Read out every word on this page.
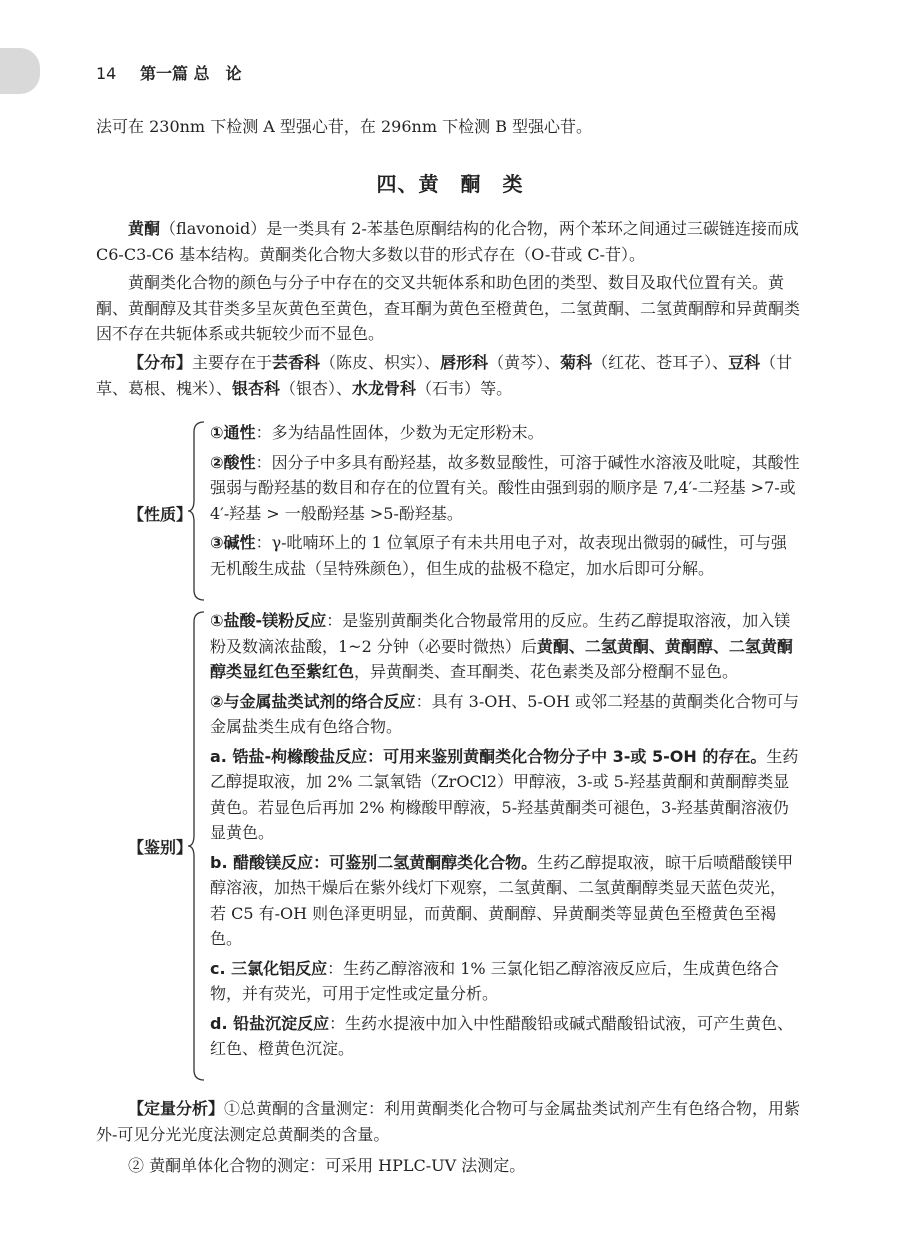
14 第一篇 总　论
法可在 230nm 下检测 A 型强心苷，在 296nm 下检测 B 型强心苷。
四、黄　酮　类
黄酮（flavonoid）是一类具有 2-苯基色原酮结构的化合物，两个苯环之间通过三碳链连接而成 C6-C3-C6 基本结构。黄酮类化合物大多数以苷的形式存在（O-苷或 C-苷）。
黄酮类化合物的颜色与分子中存在的交叉共轭体系和助色团的类型、数目及取代位置有关。黄酮、黄酮醇及其苷类多呈灰黄色至黄色，查耳酮为黄色至橙黄色，二氢黄酮、二氢黄酮醇和异黄酮类因不存在共轭体系或共轭较少而不显色。
【分布】主要存在于芸香科（陈皮、枳实）、唇形科（黄芩）、菊科（红花、苍耳子）、豆科（甘草、葛根、槐米）、银杏科（银杏）、水龙骨科（石韦）等。
【性质】
①通性：多为结晶性固体，少数为无定形粉末。
②酸性：因分子中多具有酚羟基，故多数显酸性，可溶于碱性水溶液及吡啶，其酸性强弱与酚羟基的数目和存在的位置有关。酸性由强到弱的顺序是 7,4′-二羟基 >7-或 4′-羟基 > 一般酚羟基 >5-酚羟基。
③碱性：γ-吡喃环上的 1 位氧原子有未共用电子对，故表现出微弱的碱性，可与强无机酸生成盐（呈特殊颜色），但生成的盐极不稳定，加水后即可分解。
【鉴别】
①盐酸-镁粉反应：是鉴别黄酮类化合物最常用的反应。生药乙醇提取溶液，加入镁粉及数滴浓盐酸，1~2 分钟（必要时微热）后黄酮、二氢黄酮、黄酮醇、二氢黄酮醇类显红色至紫红色，异黄酮类、查耳酮类、花色素类及部分橙酮不显色。
②与金属盐类试剂的络合反应：具有 3-OH、5-OH 或邻二羟基的黄酮类化合物可与金属盐类生成有色络合物。
a. 锆盐-枸橼酸盐反应：可用来鉴别黄酮类化合物分子中 3-或 5-OH 的存在。生药乙醇提取液，加 2% 二氯氧锆（ZrOCl2）甲醇液，3-或 5-羟基黄酮和黄酮醇类显黄色。若显色后再加 2% 枸橼酸甲醇液，5-羟基黄酮类可褪色，3-羟基黄酮溶液仍显黄色。
b. 醋酸镁反应：可鉴别二氢黄酮醇类化合物。生药乙醇提取液，晾干后喷醋酸镁甲醇溶液，加热干燥后在紫外线灯下观察，二氢黄酮、二氢黄酮醇类显天蓝色荧光，若 C5 有-OH 则色泽更明显，而黄酮、黄酮醇、异黄酮类等显黄色至橙黄色至褐色。
c. 三氯化铝反应：生药乙醇溶液和 1% 三氯化铝乙醇溶液反应后，生成黄色络合物，并有荧光，可用于定性或定量分析。
d. 铅盐沉淀反应：生药水提液中加入中性醋酸铅或碱式醋酸铅试液，可产生黄色、红色、橙黄色沉淀。
【定量分析】①总黄酮的含量测定：利用黄酮类化合物可与金属盐类试剂产生有色络合物，用紫外-可见分光光度法测定总黄酮类的含量。
② 黄酮单体化合物的测定：可采用 HPLC-UV 法测定。
